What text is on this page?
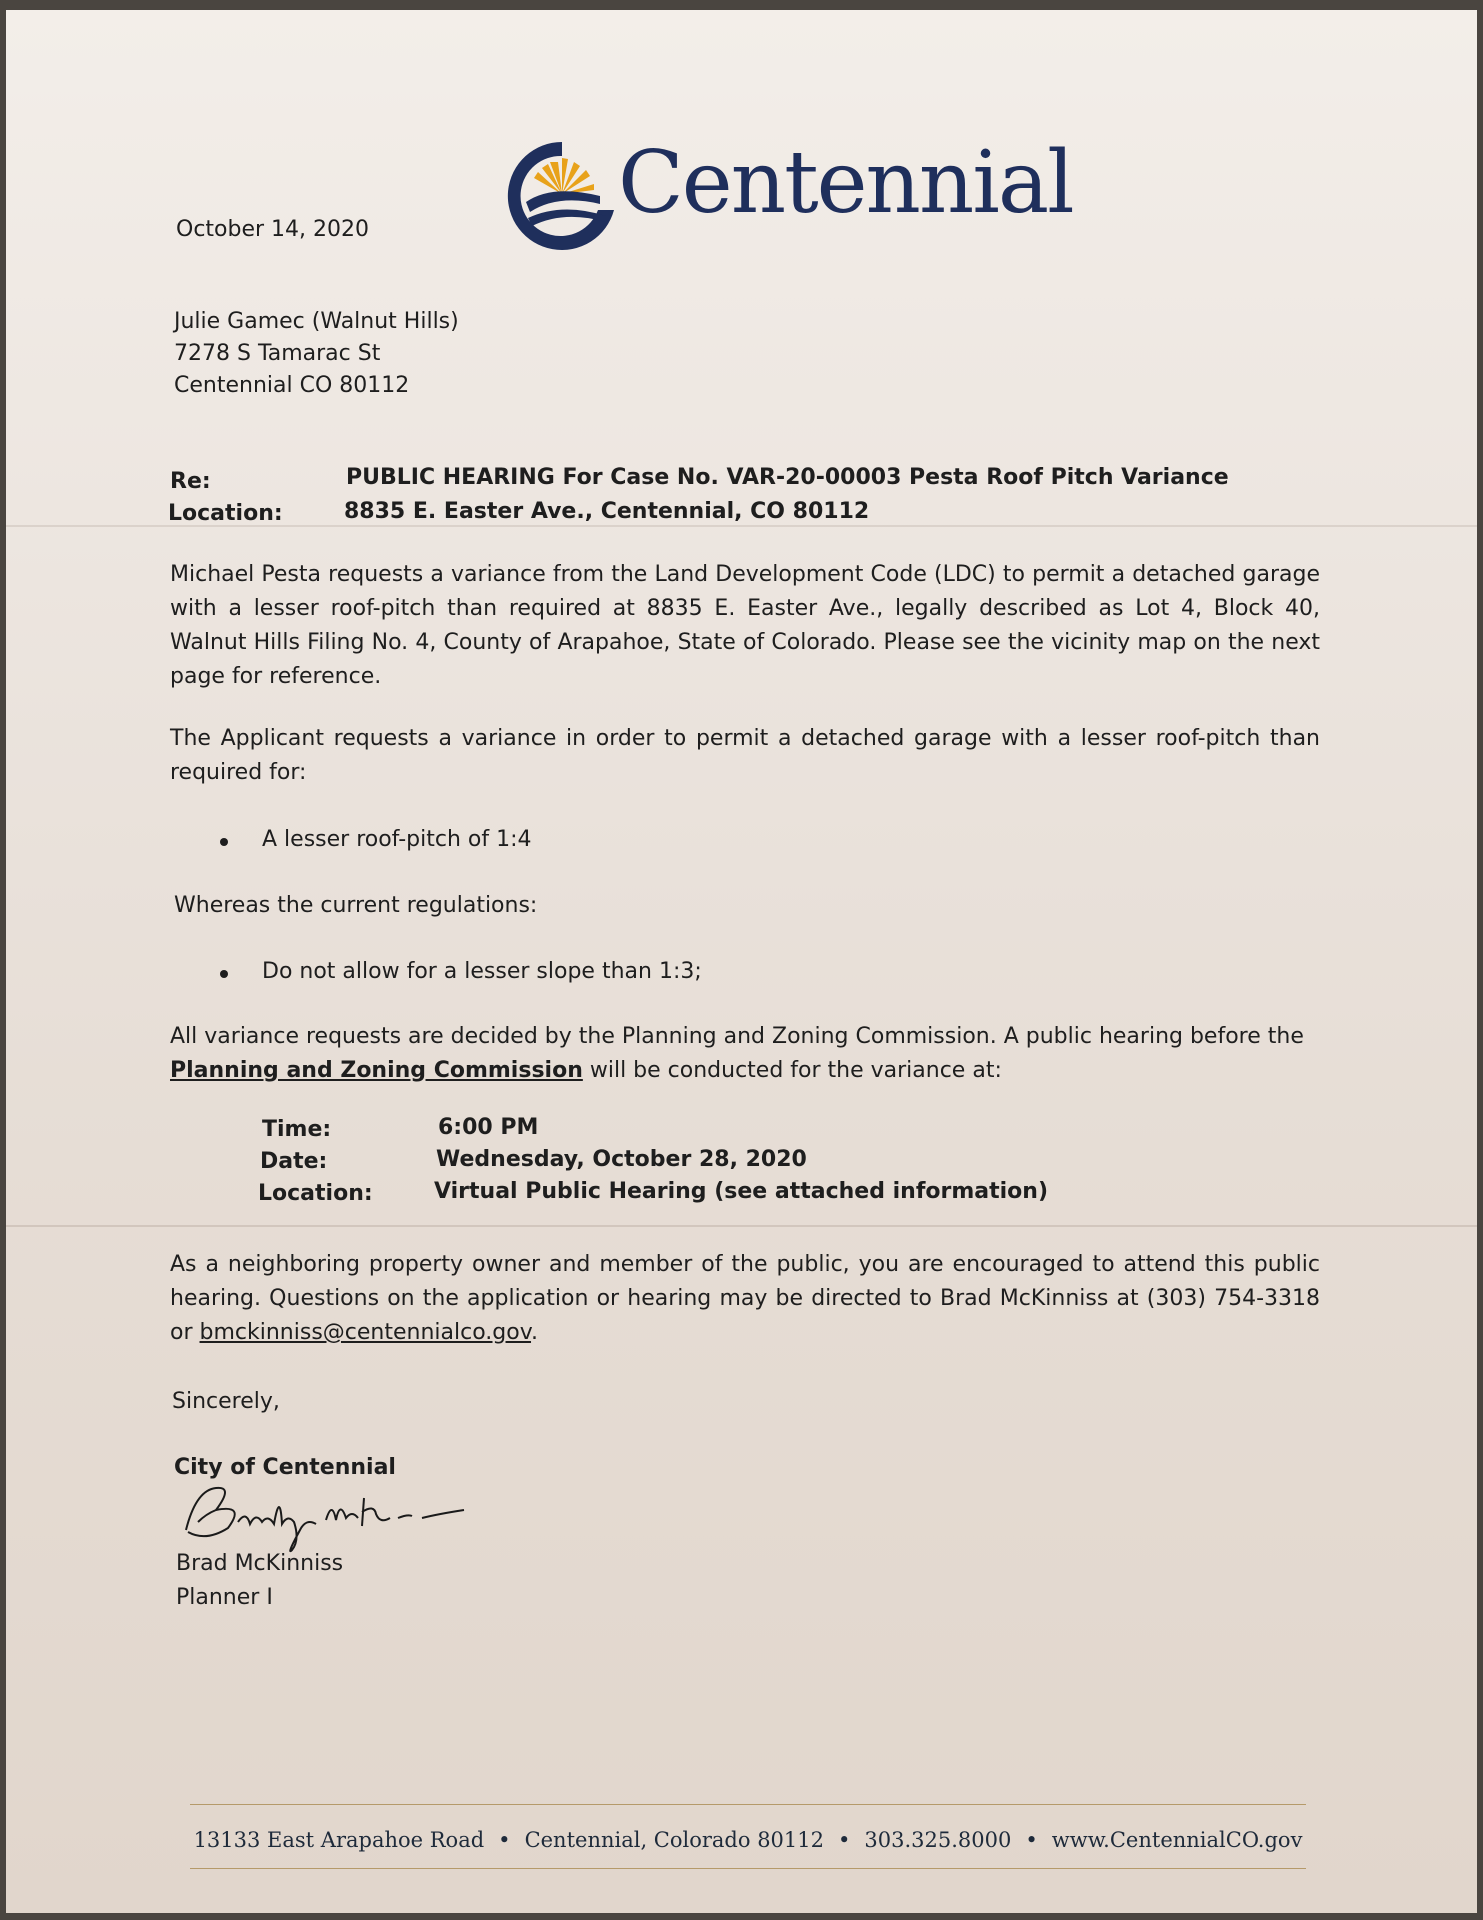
Centennial
October 14, 2020
Julie Gamec (Walnut Hills)
7278 S Tamarac St
Centennial CO 80112
Re:	PUBLIC HEARING For Case No. VAR-20-00003 Pesta Roof Pitch Variance
Location:	8835 E. Easter Ave., Centennial, CO 80112
Michael Pesta requests a variance from the Land Development Code (LDC) to permit a detached garage with a lesser roof-pitch than required at 8835 E. Easter Ave., legally described as Lot 4, Block 40, Walnut Hills Filing No. 4, County of Arapahoe, State of Colorado. Please see the vicinity map on the next page for reference.
The Applicant requests a variance in order to permit a detached garage with a lesser roof-pitch than required for:
A lesser roof-pitch of 1:4
Whereas the current regulations:
Do not allow for a lesser slope than 1:3;
All variance requests are decided by the Planning and Zoning Commission. A public hearing before the
Planning and Zoning Commission will be conducted for the variance at:
Time:	6:00 PM
Date:	Wednesday, October 28, 2020
Location:	Virtual Public Hearing (see attached information)
As a neighboring property owner and member of the public, you are encouraged to attend this public hearing. Questions on the application or hearing may be directed to Brad McKinniss at (303) 754-3318 or bmckinniss@centennialco.gov.
Sincerely,
City of Centennial
Brad McKinniss
Planner I
13133 East Arapahoe Road • Centennial, Colorado 80112 • 303.325.8000 • www.CentennialCO.gov
